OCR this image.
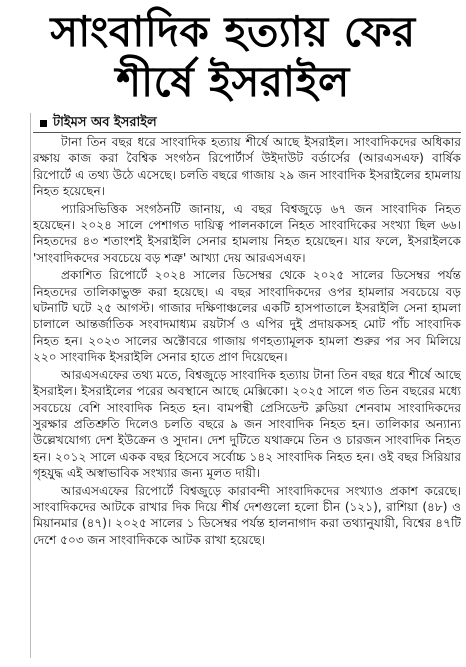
সাংবাদিক হত্যায় ফের
শীর্ষে ইসরাইল
টাইমস অব ইসরাইল

টানা তিন বছর ধরে সাংবাদিক হত্যায় শীর্ষে আছে ইসরাইল। সাংবাদিকদের অধিকার রক্ষায় কাজ করা বৈশ্বিক সংগঠন রিপোর্টার্স উইদাউট বর্ডার্সের (আরএসএফ) বার্ষিক রিপোর্টে এ তথ্য উঠে এসেছে। চলতি বছরে গাজায় ২৯ জন সাংবাদিক ইসরাইলের হামলায় নিহত হয়েছেন।

প্যারিসভিত্তিক সংগঠনটি জানায়, এ বছর বিশ্বজুড়ে ৬৭ জন সাংবাদিক নিহত হয়েছেন। ২০২৪ সালে পেশাগত দায়িত্ব পালনকালে নিহত সাংবাদিকের সংখ্যা ছিল ৬৬। নিহতদের ৪৩ শতাংশই ইসরাইলি সেনার হামলায় নিহত হয়েছেন। যার ফলে, ইসরাইলকে 'সাংবাদিকদের সবচেয়ে বড় শত্রু' আখ্যা দেয় আরএসএফ।

প্রকাশিত রিপোর্টে ২০২৪ সালের ডিসেম্বর থেকে ২০২৫ সালের ডিসেম্বর পর্যন্ত নিহতদের তালিকাভুক্ত করা হয়েছে। এ বছর সাংবাদিকদের ওপর হামলার সবচেয়ে বড় ঘটনাটি ঘটে ২৫ আগস্ট। গাজার দক্ষিণাঞ্চলের একটি হাসপাতালে ইসরাইলি সেনা হামলা চালালে আন্তর্জাতিক সংবাদমাধ্যম রয়টার্স ও এপির দুই প্রদায়কসহ মোট পাঁচ সাংবাদিক নিহত হন। ২০২৩ সালের অক্টোবরে গাজায় গণহত্যামূলক হামলা শুরুর পর সব মিলিয়ে ২২০ সাংবাদিক ইসরাইলি সেনার হাতে প্রাণ দিয়েছেন।

আরএসএফের তথ্য মতে, বিশ্বজুড়ে সাংবাদিক হত্যায় টানা তিন বছর ধরে শীর্ষে আছে ইসরাইল। ইসরাইলের পরের অবস্থানে আছে মেক্সিকো। ২০২৫ সালে গত তিন বছরের মধ্যে সবচেয়ে বেশি সাংবাদিক নিহত হন। বামপন্থী প্রেসিডেন্ট ক্লডিয়া শেনবাম সাংবাদিকদের সুরক্ষার প্রতিশ্রুতি দিলেও চলতি বছরে ৯ জন সাংবাদিক নিহত হন। তালিকার অন্যান্য উল্লেখযোগ্য দেশ ইউক্রেন ও সুদান। দেশ দুটিতে যথাক্রমে তিন ও চারজন সাংবাদিক নিহত হন। ২০১২ সালে একক বছর হিসেবে সর্বোচ্চ ১৪২ সাংবাদিক নিহত হন। ওই বছর সিরিয়ার গৃহযুদ্ধ এই অস্বাভাবিক সংখ্যার জন্য মূলত দায়ী।

আরএসএফের রিপোর্টে বিশ্বজুড়ে কারাবন্দী সাংবাদিকদের সংখ্যাও প্রকাশ করেছে। সাংবাদিকদের আটকে রাখার দিক দিয়ে শীর্ষ দেশগুলো হলো চীন (১২১), রাশিয়া (৪৮) ও মিয়ানমার (৪৭)। ২০২৫ সালের ১ ডিসেম্বর পর্যন্ত হালনাগাদ করা তথ্যানুযায়ী, বিশ্বের ৪৭টি দেশে ৫০৩ জন সাংবাদিককে আটক রাখা হয়েছে।
